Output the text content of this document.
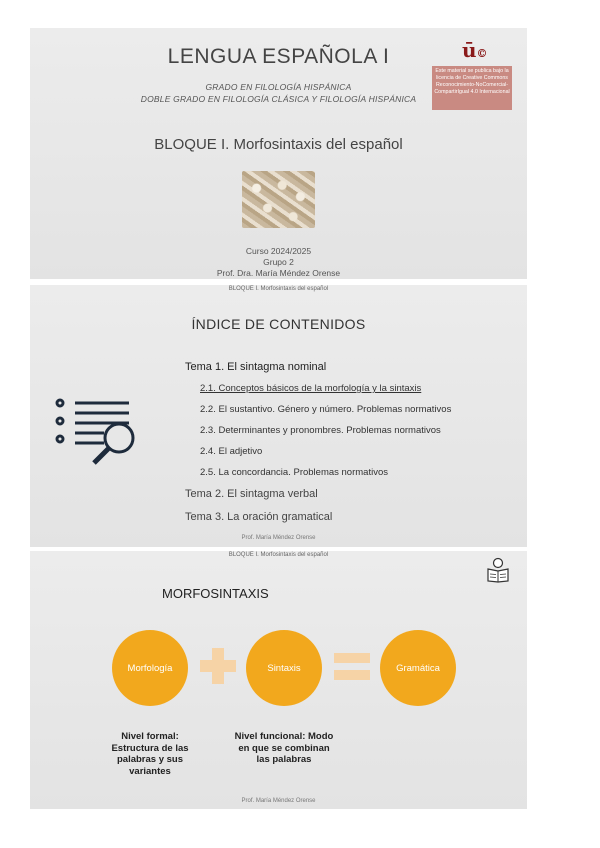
LENGUA ESPAÑOLA I
GRADO EN FILOLOGÍA HISPÁNICA
DOBLE GRADO EN FILOLOGÍA CLÁSICA Y FILOLOGÍA HISPÁNICA
BLOQUE I. Morfosintaxis del español
Curso 2024/2025
Grupo 2
Prof. Dra. María Méndez Orense
ū©
Este material se publica bajo la licencia de Creative Commons Reconocimiento-NoComercial-CompartirIgual 4.0 Internacional
BLOQUE I. Morfosintaxis del español
ÍNDICE DE CONTENIDOS
Tema 1. El sintagma nominal
2.1. Conceptos básicos de la morfología y la sintaxis
2.2. El sustantivo. Género y número. Problemas normativos
2.3. Determinantes y pronombres. Problemas normativos
2.4. El adjetivo
2.5. La concordancia. Problemas normativos
Tema 2. El sintagma verbal
Tema 3. La oración gramatical
Prof. María Méndez Orense
BLOQUE I. Morfosintaxis del español
MORFOSINTAXIS
Morfología	Sintaxis	Gramática
Nivel formal: Estructura de las palabras y sus variantes
Nivel funcional: Modo en que se combinan las palabras
Prof. María Méndez Orense
